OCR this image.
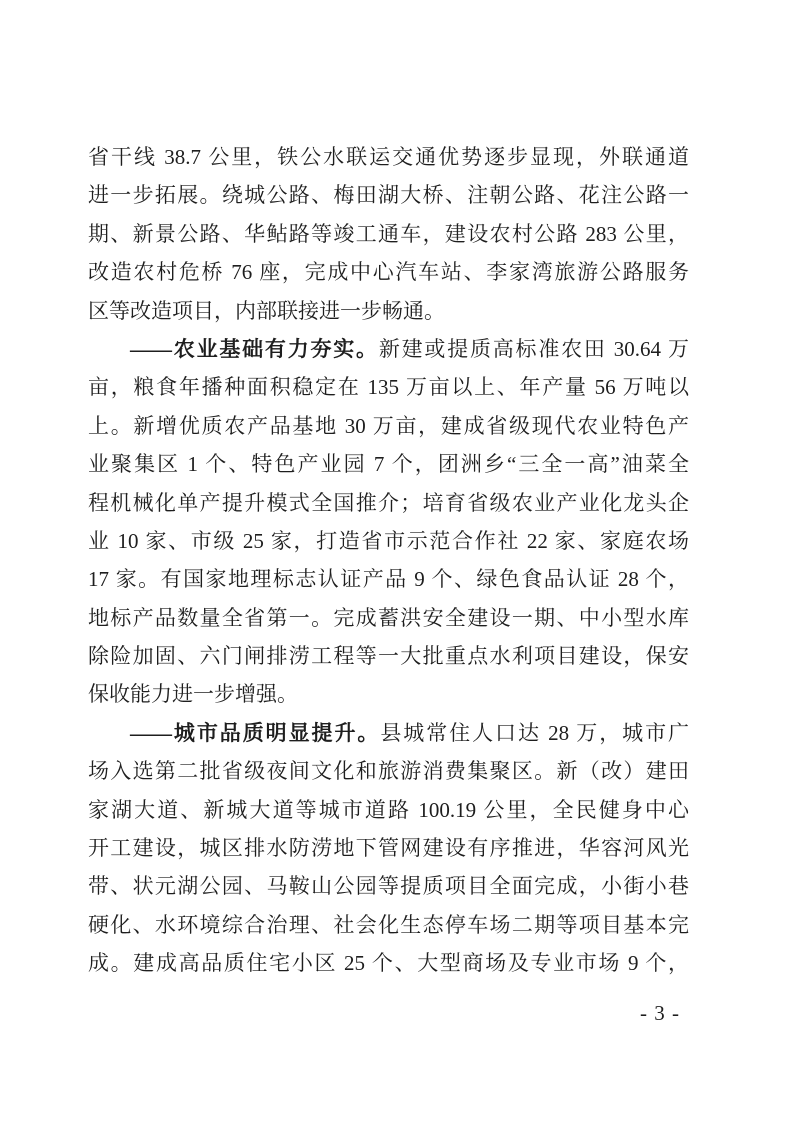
省干线 38.7 公里，铁公水联运交通优势逐步显现，外联通道
进一步拓展。绕城公路、梅田湖大桥、注朝公路、花注公路一
期、新景公路、华鲇路等竣工通车，建设农村公路 283 公里，
改造农村危桥 76 座，完成中心汽车站、李家湾旅游公路服务
区等改造项目，内部联接进一步畅通。
——农业基础有力夯实。新建或提质高标准农田 30.64 万
亩，粮食年播种面积稳定在 135 万亩以上、年产量 56 万吨以
上。新增优质农产品基地 30 万亩，建成省级现代农业特色产
业聚集区 1 个、特色产业园 7 个，团洲乡“三全一高”油菜全
程机械化单产提升模式全国推介；培育省级农业产业化龙头企
业 10 家、市级 25 家，打造省市示范合作社 22 家、家庭农场
17 家。有国家地理标志认证产品 9 个、绿色食品认证 28 个，
地标产品数量全省第一。完成蓄洪安全建设一期、中小型水库
除险加固、六门闸排涝工程等一大批重点水利项目建设，保安
保收能力进一步增强。
——城市品质明显提升。县城常住人口达 28 万，城市广
场入选第二批省级夜间文化和旅游消费集聚区。新（改）建田
家湖大道、新城大道等城市道路 100.19 公里，全民健身中心
开工建设，城区排水防涝地下管网建设有序推进，华容河风光
带、状元湖公园、马鞍山公园等提质项目全面完成，小街小巷
硬化、水环境综合治理、社会化生态停车场二期等项目基本完
成。建成高品质住宅小区 25 个、大型商场及专业市场 9 个，
- 3 -
